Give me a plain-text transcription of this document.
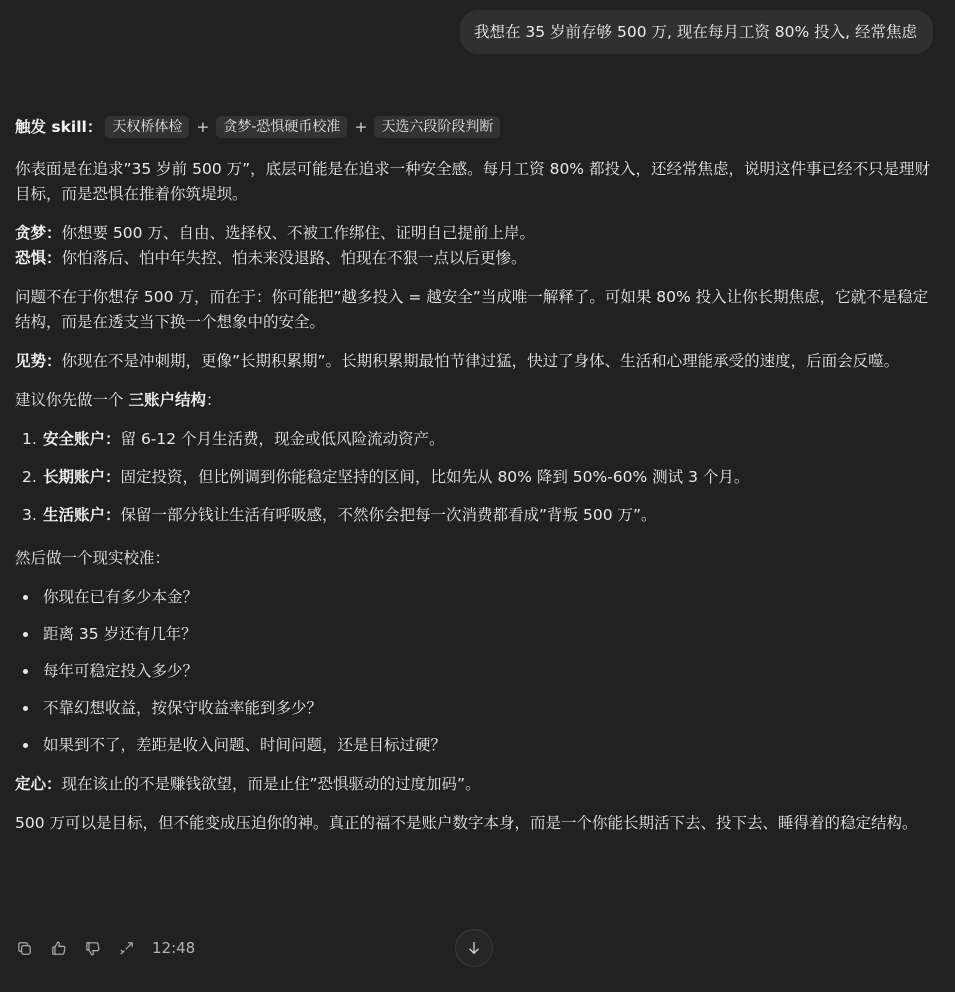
我想在 35 岁前存够 500 万, 现在每月工资 80% 投入, 经常焦虑
触发 skill： 天权桥体检 +	贪梦-恐惧硬币校准 +	天选六段阶段判断

你表面是在追求”35 岁前 500 万”，底层可能是在追求一种安全感。每月工资 80% 都投入，还经常焦虑，说明这件事已经不只是理财目标，而是恐惧在推着你筑堤坝。

贪梦：你想要 500 万、自由、选择权、不被工作绑住、证明自己提前上岸。

恐惧：你怕落后、怕中年失控、怕未来没退路、怕现在不狠一点以后更惨。

问题不在于你想存 500 万，而在于：你可能把”越多投入 = 越安全”当成唯一解释了。可如果 80% 投入让你长期焦虑，它就不是稳定结构，而是在透支当下换一个想象中的安全。

见势：你现在不是冲刺期，更像”长期积累期”。长期积累期最怕节律过猛，快过了身体、生活和心理能承受的速度，后面会反噬。

建议你先做一个 三账户结构：

1. 安全账户：留 6-12 个月生活费，现金或低风险流动资产。
2. 长期账户：固定投资，但比例调到你能稳定坚持的区间，比如先从 80% 降到 50%-60% 测试 3 个月。
3. 生活账户：保留一部分钱让生活有呼吸感，不然你会把每一次消费都看成”背叛 500 万”。

然后做一个现实校准：

你现在已有多少本金？
距离 35 岁还有几年？
每年可稳定投入多少？
不靠幻想收益，按保守收益率能到多少？
如果到不了，差距是收入问题、时间问题，还是目标过硬？

定心：现在该止的不是赚钱欲望，而是止住”恐惧驱动的过度加码”。

500 万可以是目标，但不能变成压迫你的神。真正的福不是账户数字本身，而是一个你能长期活下去、投下去、睡得着的稳定结构。

12:48
